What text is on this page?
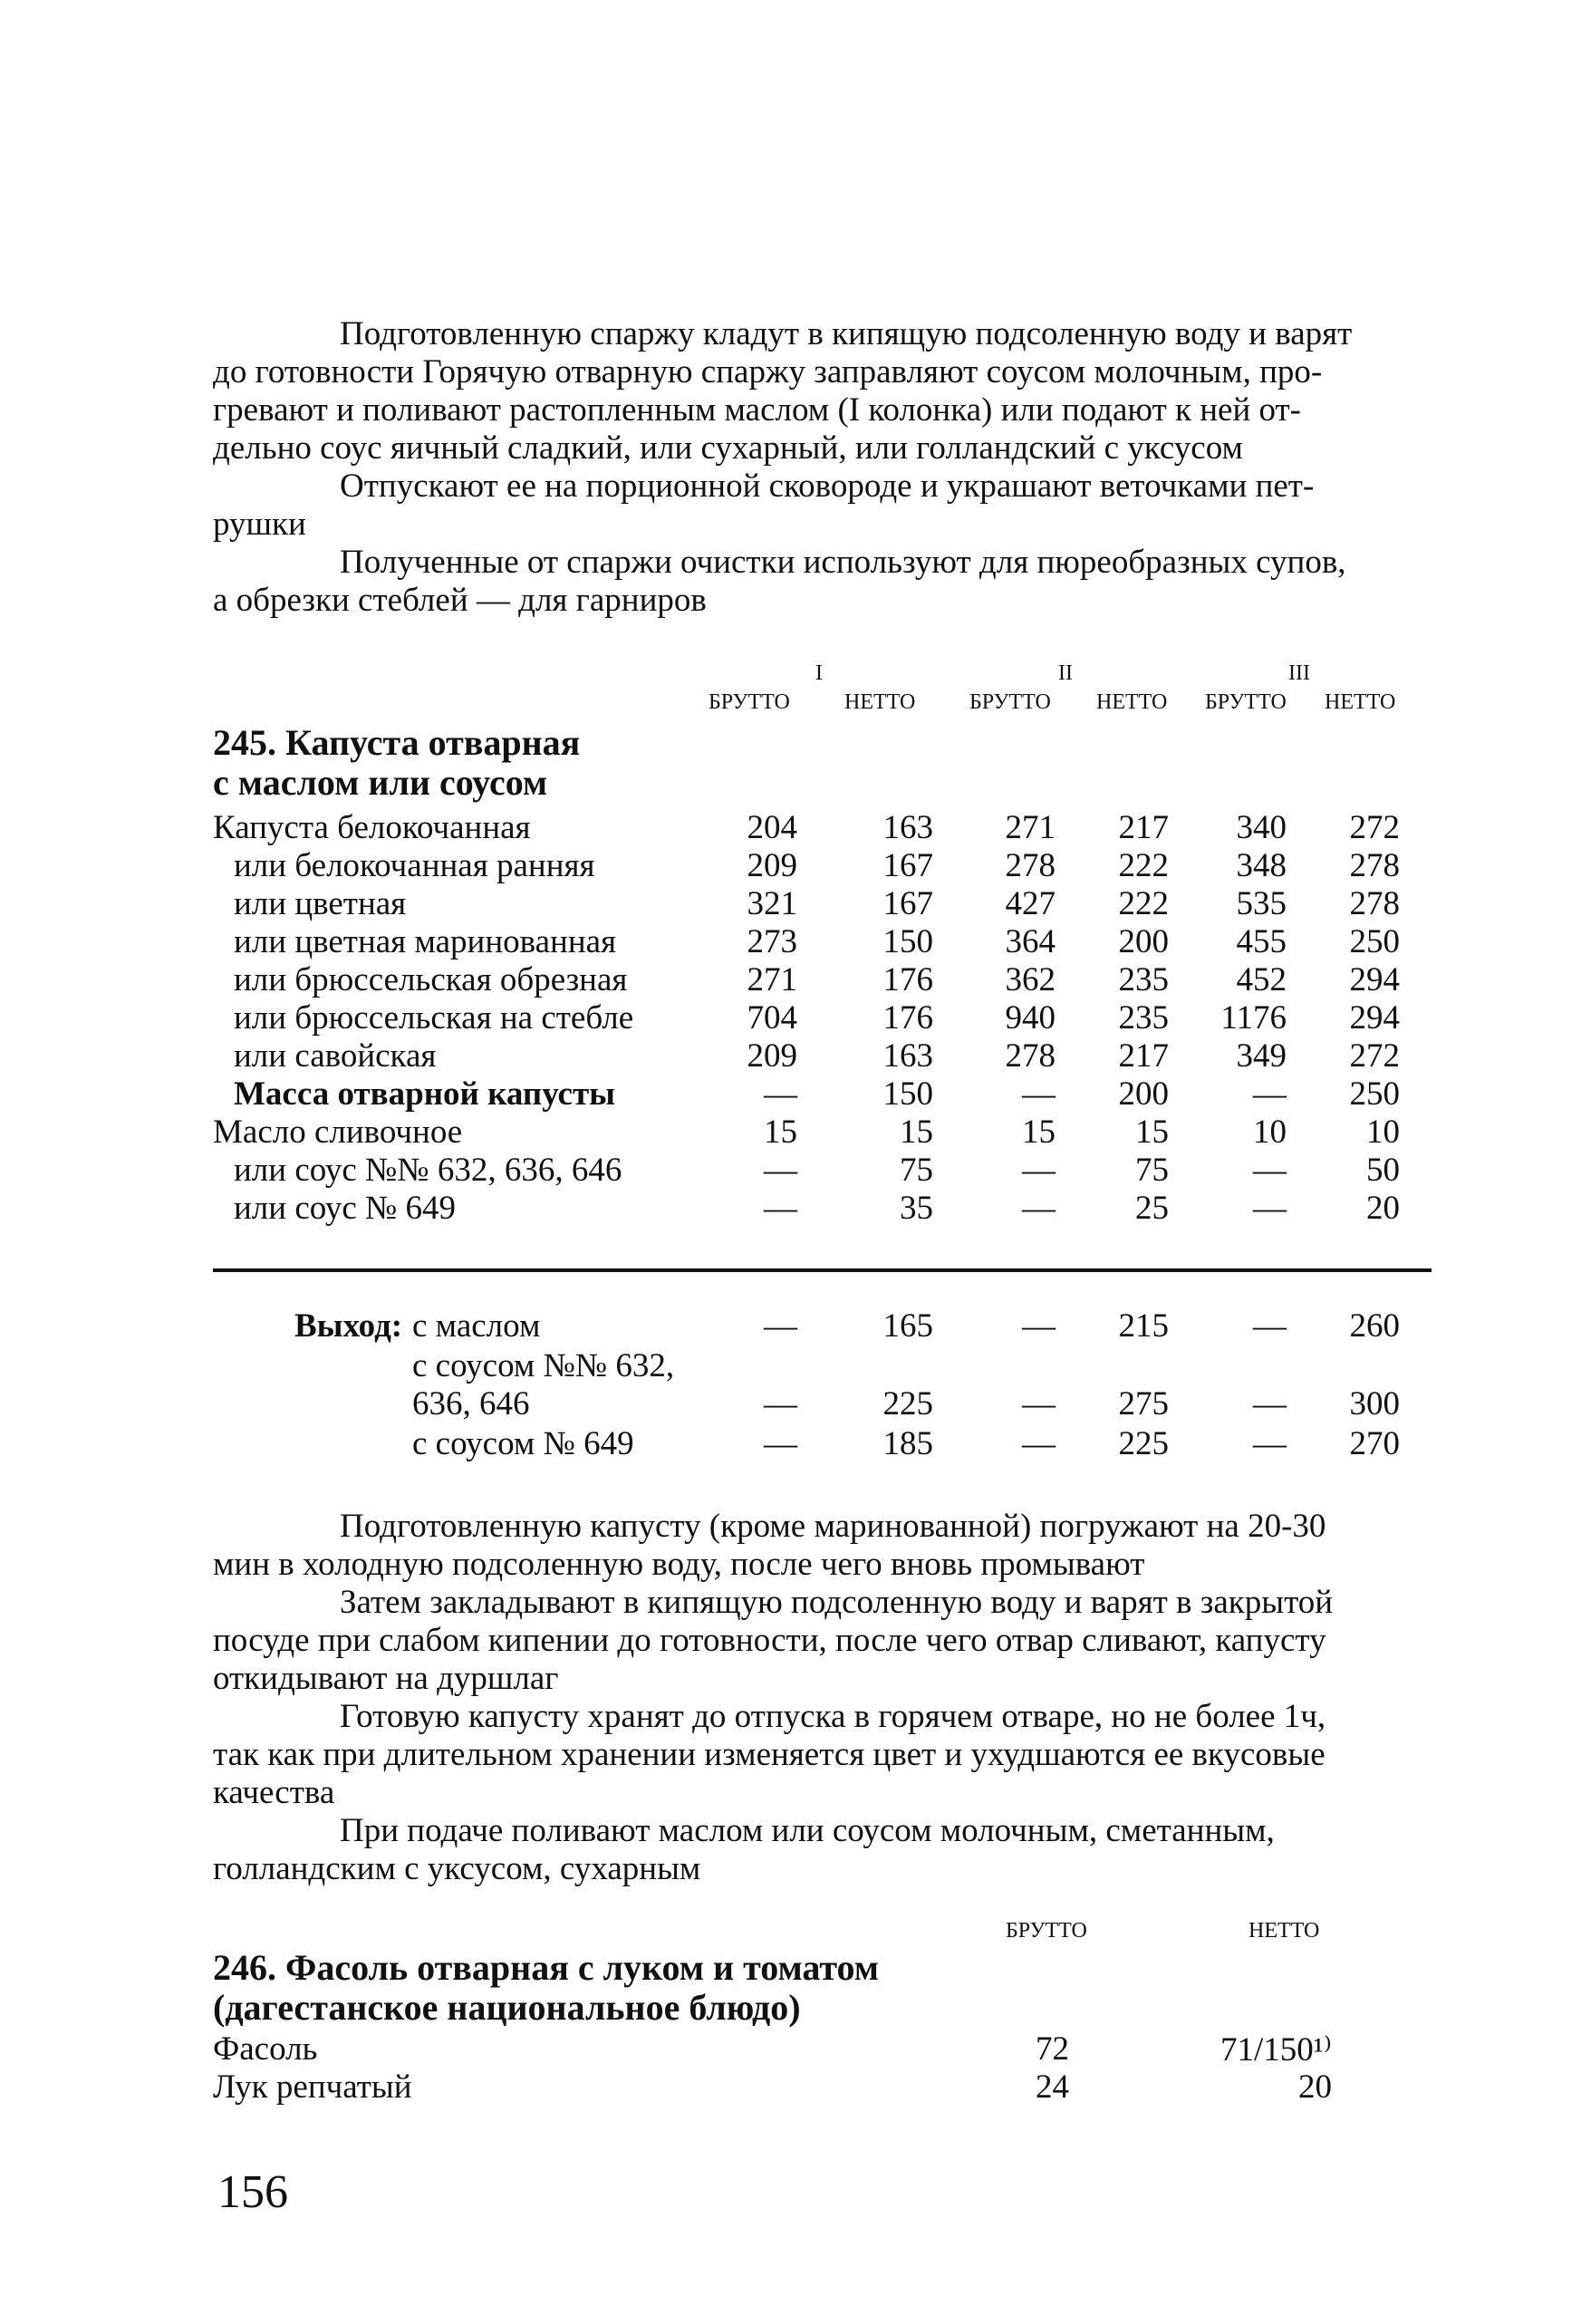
Подготовленную спаржу кладут в кипящую подсоленную воду и варят
до готовности Горячую отварную спаржу заправляют соусом молочным, про-
гревают и поливают растопленным маслом (I колонка) или подают к ней от-
дельно соус яичный сладкий, или сухарный, или голландский с уксусом
Отпускают ее на порционной сковороде и украшают веточками пет-
рушки
Полученные от спаржи очистки используют для пюреобразных супов,
а обрезки стеблей — для гарниров
I	II	III
БРУТТО	НЕТТО БРУТТО НЕТТО БРУТТО НЕТТО
245. Капуста отварная
с маслом или соусом
Капуста белокочанная	204	163	271	217	340	272
или белокочанная ранняя	209	167	278	222	348	278
или цветная	321	167	427	222	535	278
или цветная маринованная	273	150	364	200	455	250
или брюссельская обрезная	271	176	362	235	452	294
или брюссельская на стебле	704	176	940	235	1176	294
или савойская	209	163	278	217	349	272
Масса отварной капусты	—	150	—	200	—	250
Масло сливочное	15	15	15	15	10	10
или соус №№ 632, 636, 646	—	75	—	75	—	50
или соус № 649	—	35	—	25	—	20
Выход: с маслом	—	165	—	215	—	260
с соусом №№ 632,
636, 646	—	225	—	275	—	300
с соусом № 649	—	185	—	225	—	270
Подготовленную капусту (кроме маринованной) погружают на 20-30
мин в холодную подсоленную воду, после чего вновь промывают
Затем закладывают в кипящую подсоленную воду и варят в закрытой
посуде при слабом кипении до готовности, после чего отвар сливают, капусту
откидывают на дуршлаг
Готовую капусту хранят до отпуска в горячем отваре, но не более 1ч,
так как при длительном хранении изменяется цвет и ухудшаются ее вкусовые
качества
При подаче поливают маслом или соусом молочным, сметанным,
голландским с уксусом, сухарным
БРУТТО	НЕТТО
246. Фасоль отварная с луком и томатом
(дагестанское национальное блюдо)
Фасоль	72	71/150¹⁾
Лук репчатый	24	20
156
